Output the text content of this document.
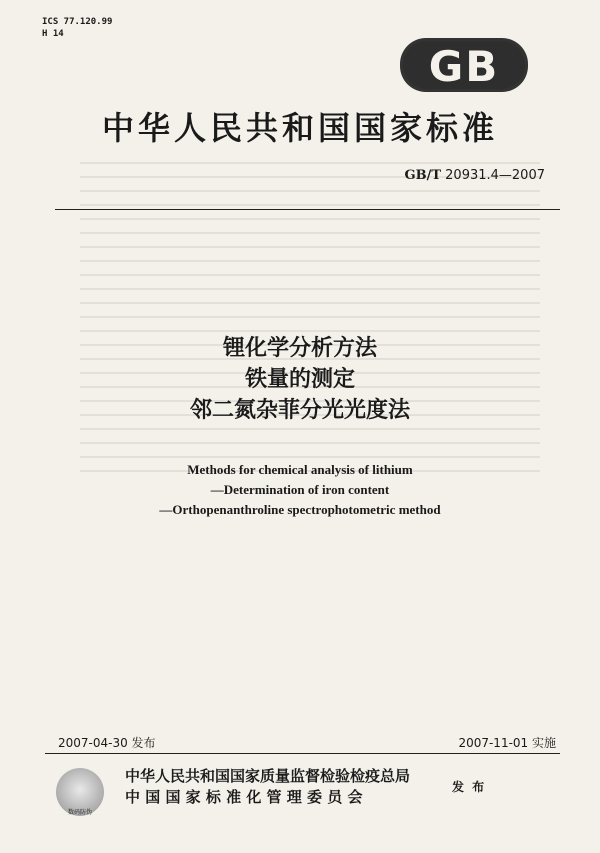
ICS 77.120.99
H 14
GB
中华人民共和国国家标准
GB/T 20931.4—2007
锂化学分析方法
铁量的测定
邻二氮杂菲分光光度法
Methods for chemical analysis of lithium
—Determination of iron content
—Orthopenanthroline spectrophotometric method
2007-04-30 发布	2007-11-01 实施
数码防伪
中华人民共和国国家质量监督检验检疫总局
中 国 国 家 标 准 化 管 理 委 员 会
发 布
